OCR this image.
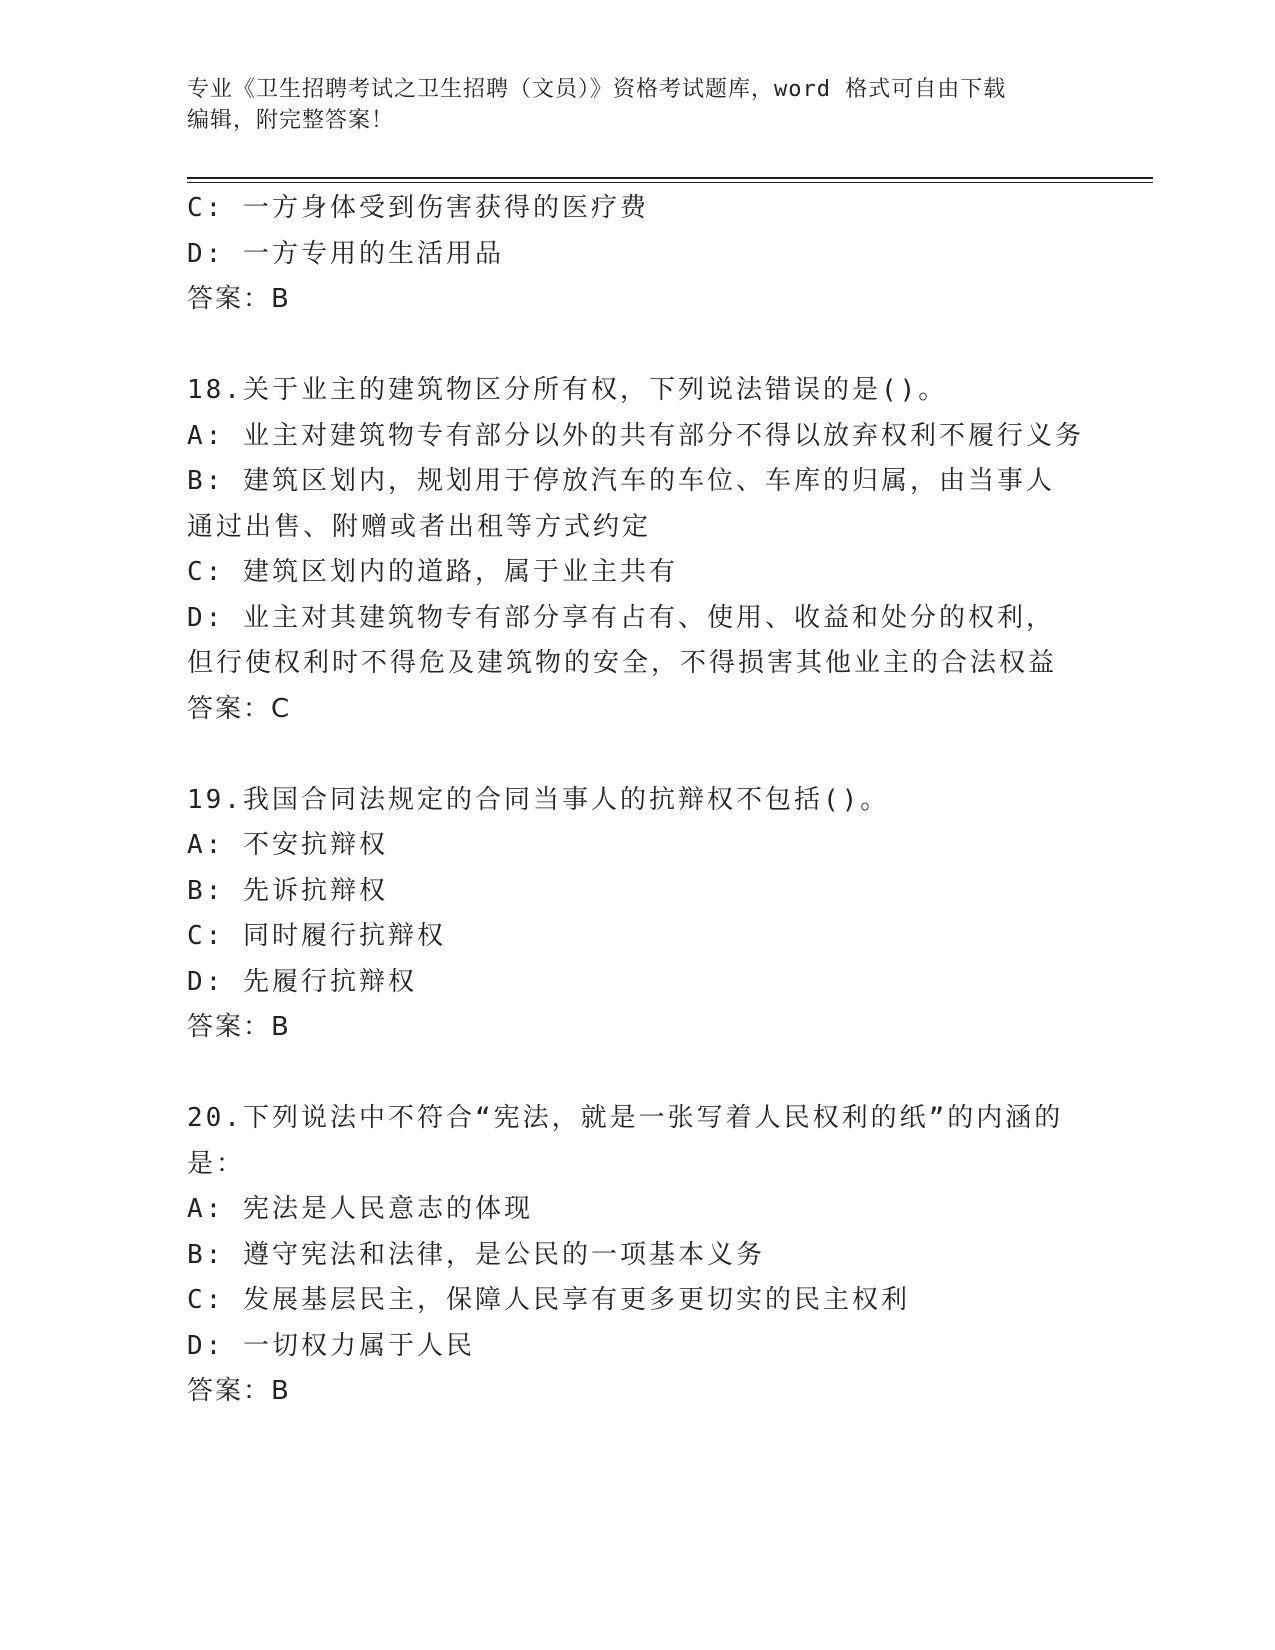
专业《卫生招聘考试之卫生招聘（文员）》资格考试题库，word 格式可自由下载
编辑，附完整答案！
C: 一方身体受到伤害获得的医疗费
D: 一方专用的生活用品
答案：B
18.关于业主的建筑物区分所有权，下列说法错误的是()。
A: 业主对建筑物专有部分以外的共有部分不得以放弃权利不履行义务
B: 建筑区划内，规划用于停放汽车的车位、车库的归属，由当事人通过出售、附赠或者出租等方式约定
C: 建筑区划内的道路，属于业主共有
D: 业主对其建筑物专有部分享有占有、使用、收益和处分的权利，但行使权利时不得危及建筑物的安全，不得损害其他业主的合法权益
答案：C
19.我国合同法规定的合同当事人的抗辩权不包括()。
A: 不安抗辩权
B: 先诉抗辩权
C: 同时履行抗辩权
D: 先履行抗辩权
答案：B
20.下列说法中不符合“宪法，就是一张写着人民权利的纸”的内涵的是：
A: 宪法是人民意志的体现
B: 遵守宪法和法律，是公民的一项基本义务
C: 发展基层民主，保障人民享有更多更切实的民主权利
D: 一切权力属于人民
答案：B
